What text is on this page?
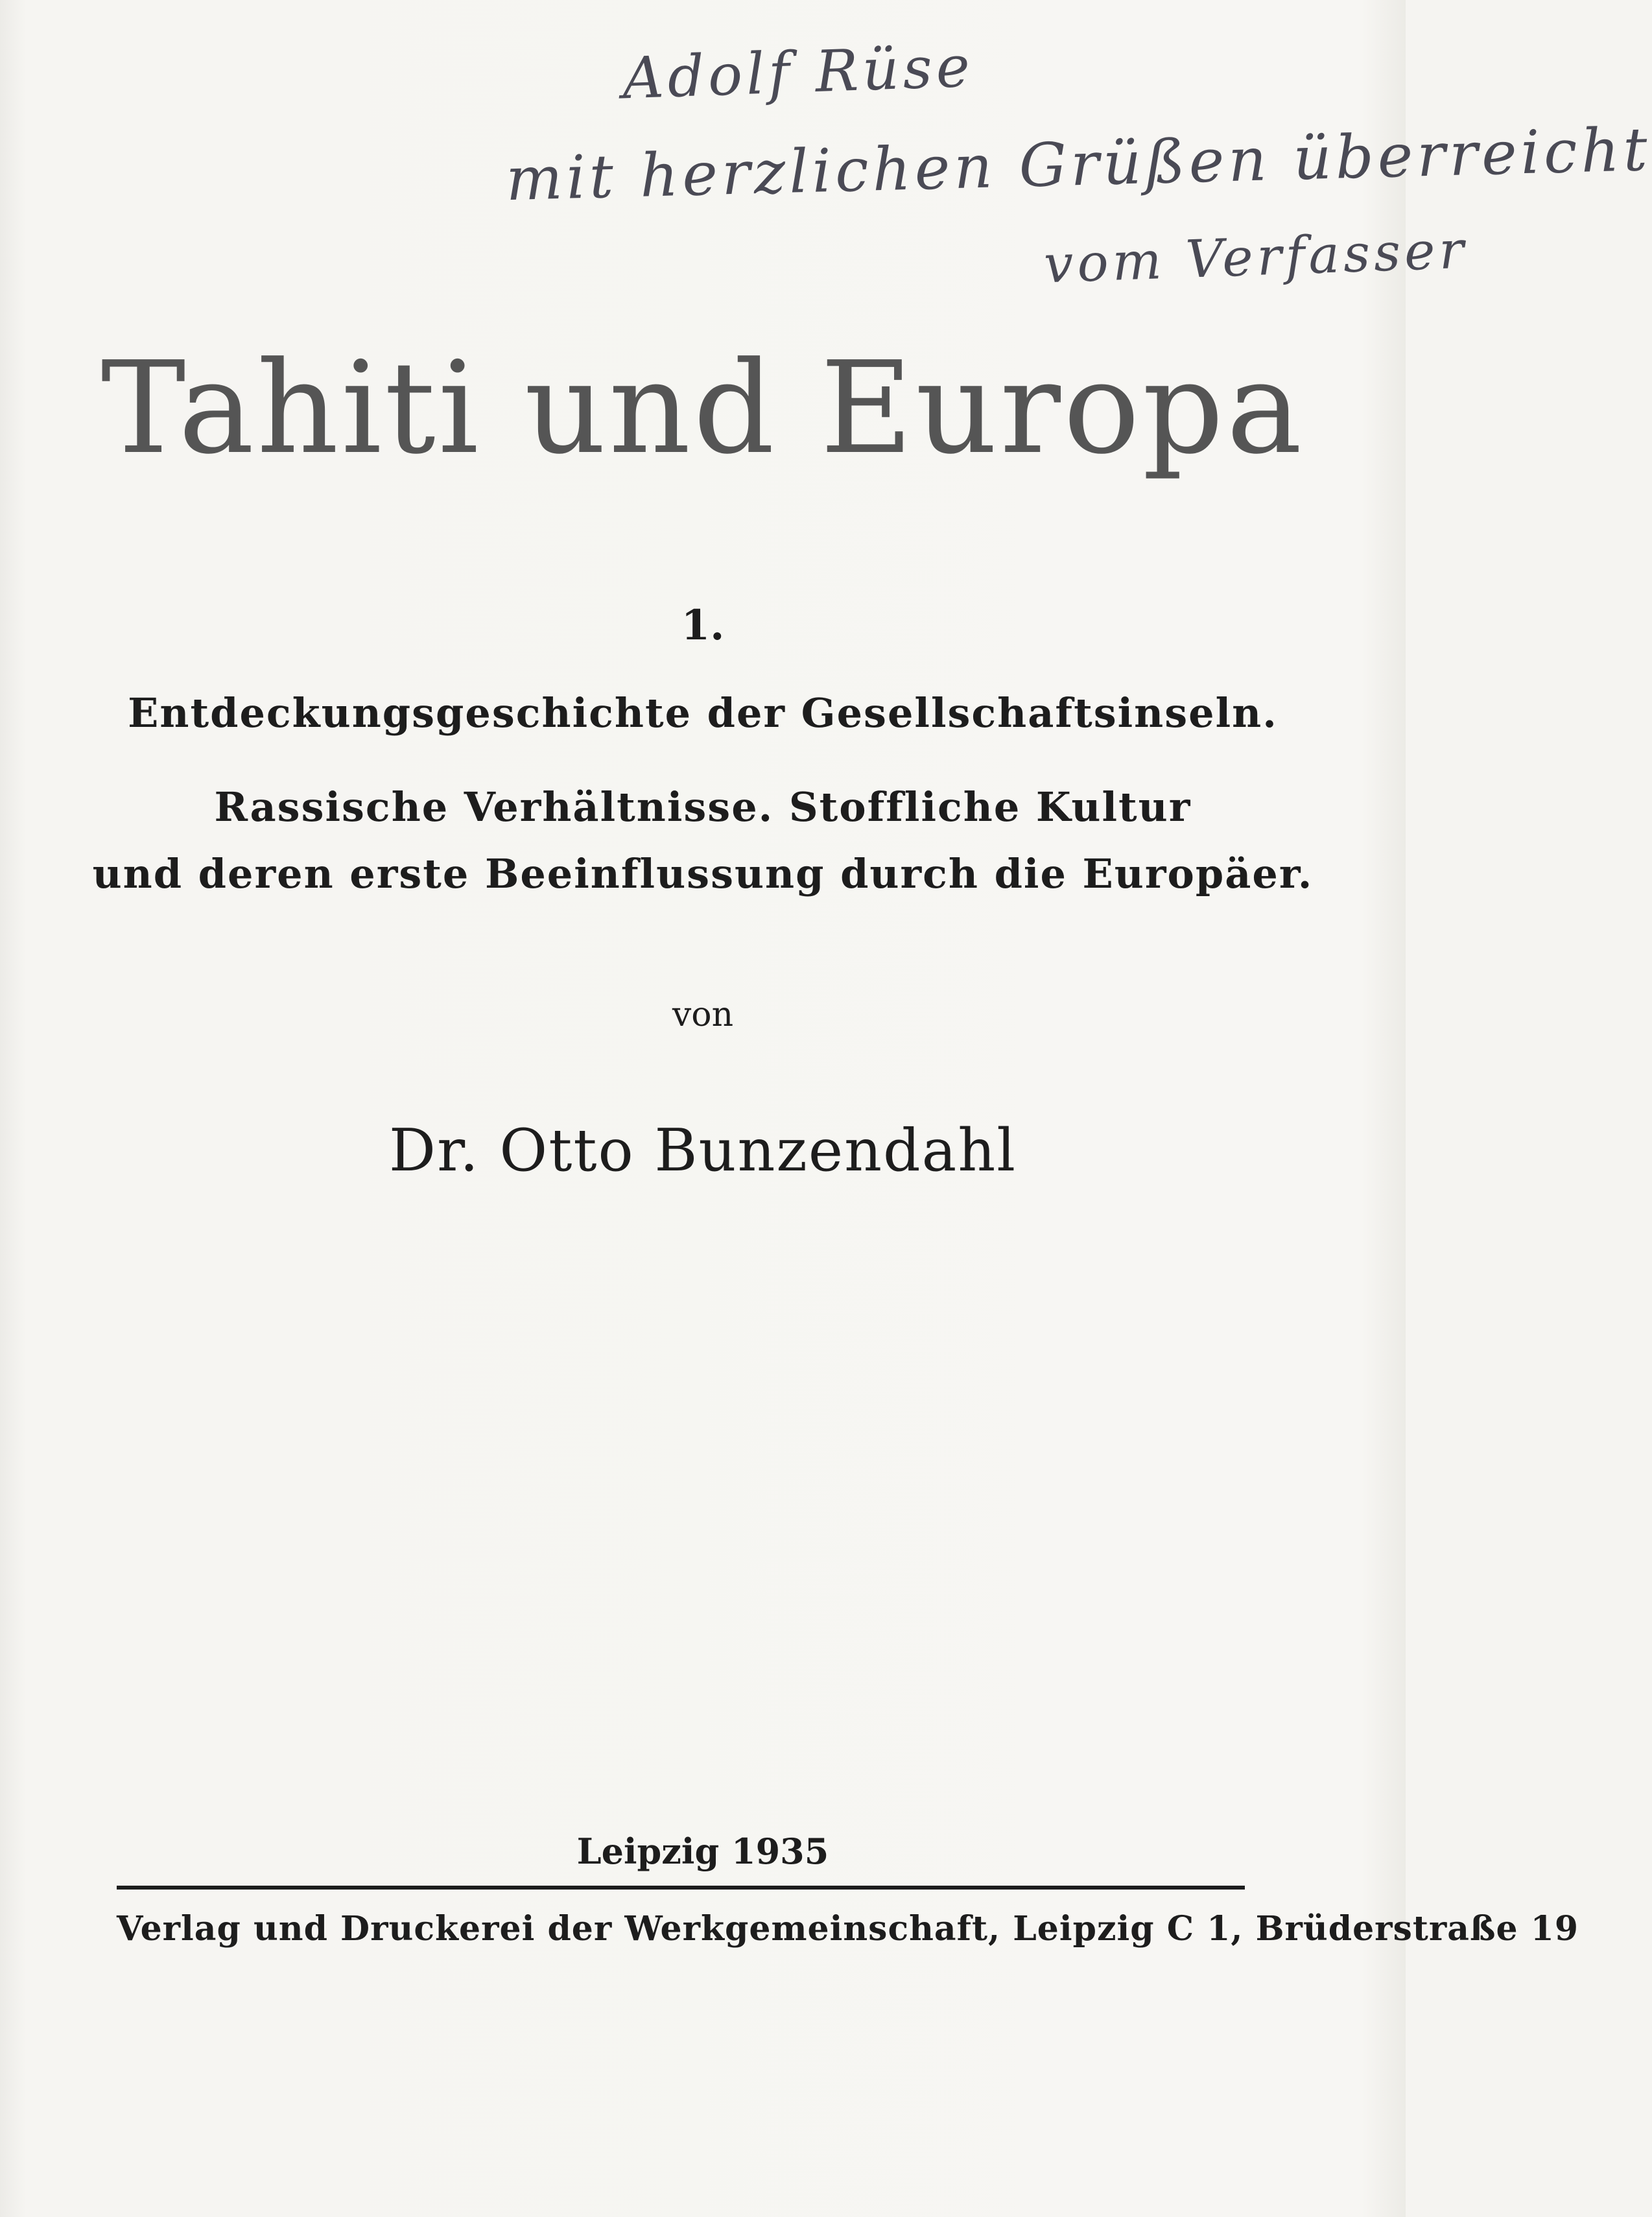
Adolf Rüse
mit herzlichen Grüßen überreicht
vom Verfasser
Tahiti und Europa
1.
Entdeckungsgeschichte der Gesellschaftsinseln.
Rassische Verhältnisse. Stoffliche Kultur
und deren erste Beeinflussung durch die Europäer.
von
Dr. Otto Bunzendahl
Leipzig 1935
Verlag und Druckerei der Werkgemeinschaft, Leipzig C 1, Brüderstraße 19
